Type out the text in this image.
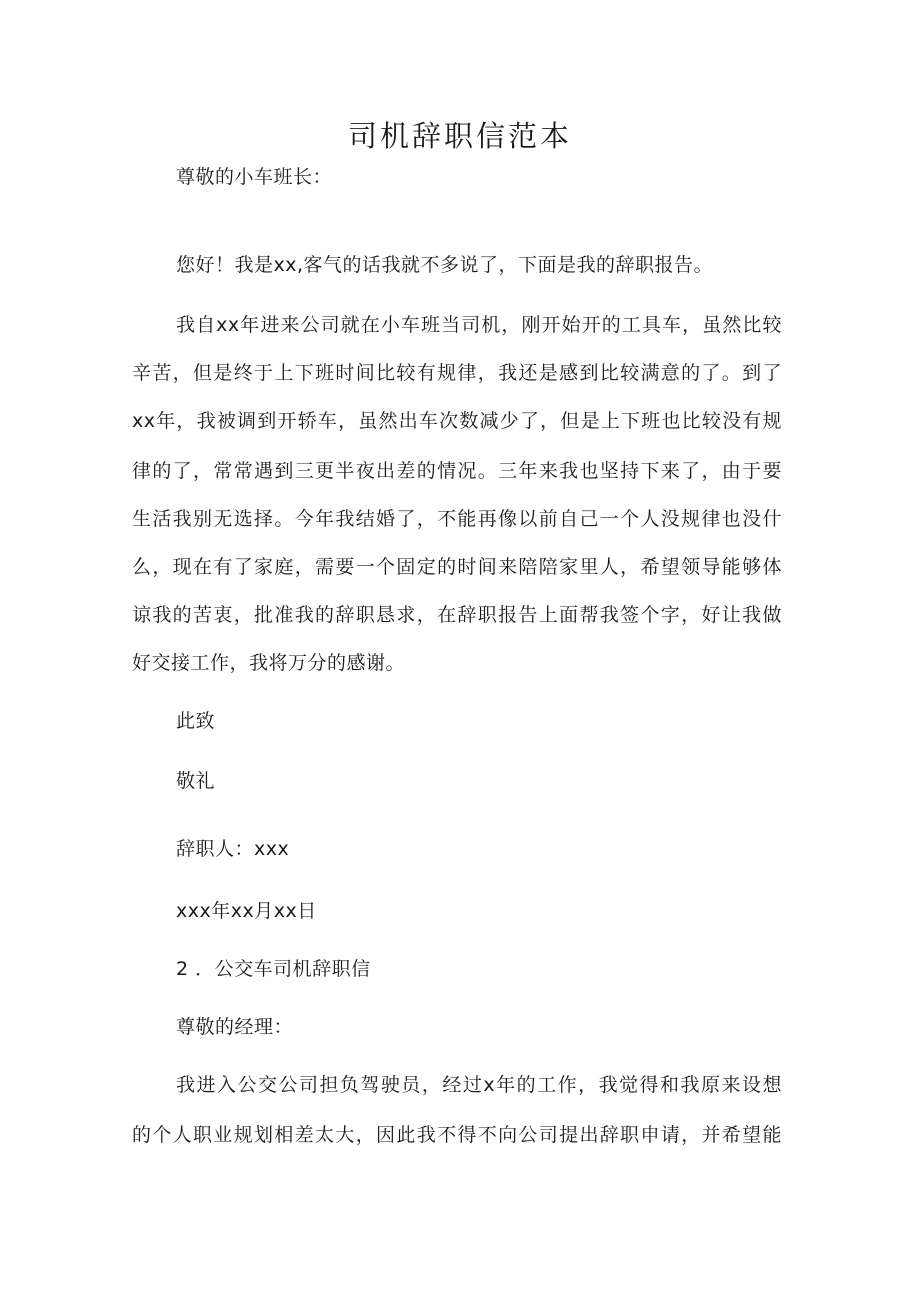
司机辞职信范本

尊敬的小车班长：

您好！我是xx,客气的话我就不多说了，下面是我的辞职报告。

我自xx年进来公司就在小车班当司机，刚开始开的工具车，虽然比较

辛苦，但是终于上下班时间比较有规律，我还是感到比较满意的了。到了

xx年，我被调到开轿车，虽然出车次数减少了，但是上下班也比较没有规

律的了，常常遇到三更半夜出差的情况。三年来我也坚持下来了，由于要

生活我别无选择。今年我结婚了，不能再像以前自己一个人没规律也没什

么，现在有了家庭，需要一个固定的时间来陪陪家里人，希望领导能够体

谅我的苦衷，批准我的辞职恳求，在辞职报告上面帮我签个字，好让我做

好交接工作，我将万分的感谢。

此致

敬礼

辞职人：xxx

xxx年xx月xx日

2 ．公交车司机辞职信

尊敬的经理：

我进入公交公司担负驾驶员，经过x年的工作，我觉得和我原来设想

的个人职业规划相差太大，因此我不得不向公司提出辞职申请，并希望能
